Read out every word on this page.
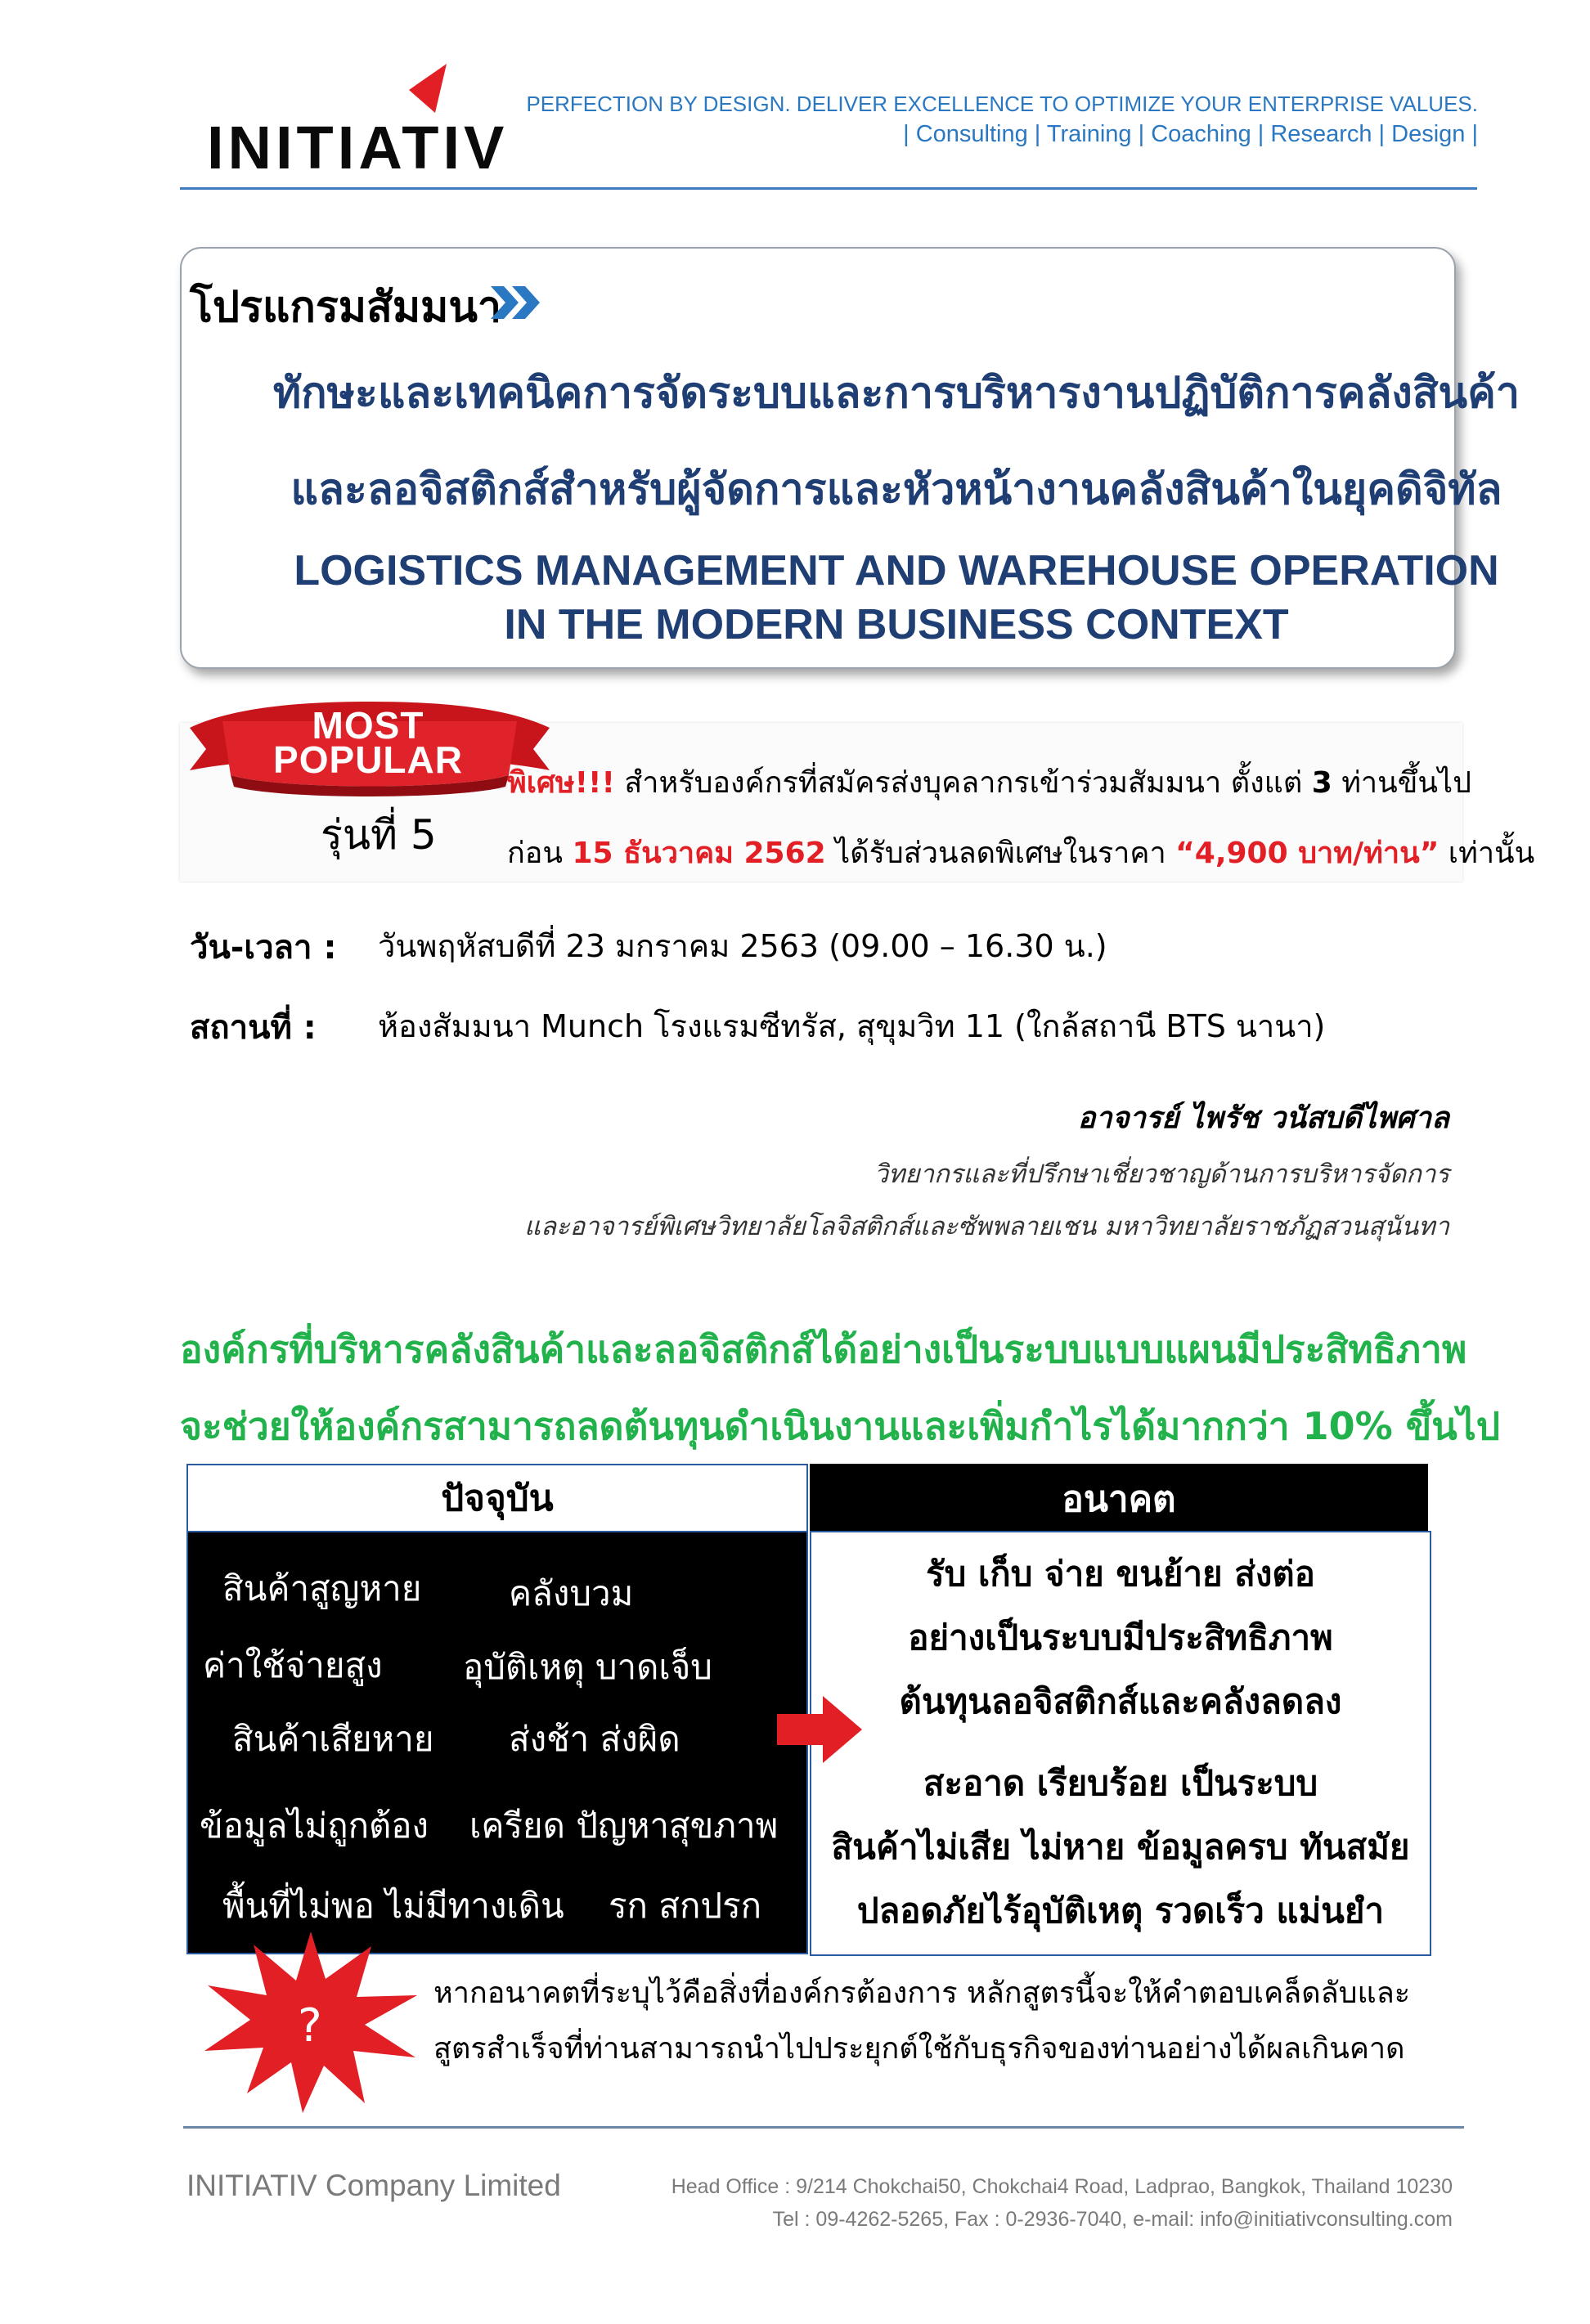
INITIATIV
PERFECTION BY DESIGN. DELIVER EXCELLENCE TO OPTIMIZE YOUR ENTERPRISE VALUES.
| Consulting | Training | Coaching | Research | Design |
โปรแกรมสัมมนา
ทักษะและเทคนิคการจัดระบบและการบริหารงานปฏิบัติการคลังสินค้า
และลอจิสติกส์สำหรับผู้จัดการและหัวหน้างานคลังสินค้าในยุคดิจิทัล
LOGISTICS MANAGEMENT AND WAREHOUSE OPERATION
IN THE MODERN BUSINESS CONTEXT
MOST
POPULAR
รุ่นที่ 5
พิเศษ!!! สำหรับองค์กรที่สมัครส่งบุคลากรเข้าร่วมสัมมนา ตั้งแต่ 3 ท่านขึ้นไป
ก่อน 15 ธันวาคม 2562 ได้รับส่วนลดพิเศษในราคา “4,900 บาท/ท่าน” เท่านั้น
วัน-เวลา : วันพฤหัสบดีที่ 23 มกราคม 2563 (09.00 – 16.30 น.)
สถานที่ : ห้องสัมมนา Munch โรงแรมซีทรัส, สุขุมวิท 11 (ใกล้สถานี BTS นานา)
อาจารย์ ไพรัช วนัสบดีไพศาล
วิทยากรและที่ปรึกษาเชี่ยวชาญด้านการบริหารจัดการ
และอาจารย์พิเศษวิทยาลัยโลจิสติกส์และซัพพลายเชน มหาวิทยาลัยราชภัฏสวนสุนันทา
องค์กรที่บริหารคลังสินค้าและลอจิสติกส์ได้อย่างเป็นระบบแบบแผนมีประสิทธิภาพ
จะช่วยให้องค์กรสามารถลดต้นทุนดำเนินงานและเพิ่มกำไรได้มากกว่า 10% ขึ้นไป
ปัจจุบัน
สินค้าสูญหาย	คลังบวม
ค่าใช้จ่ายสูง อุบัติเหตุ บาดเจ็บ
สินค้าเสียหาย ส่งช้า ส่งผิด
ข้อมูลไม่ถูกต้อง เครียด ปัญหาสุขภาพ
พื้นที่ไม่พอ ไม่มีทางเดิน รก สกปรก
อนาคต
รับ เก็บ จ่าย ขนย้าย ส่งต่อ
อย่างเป็นระบบมีประสิทธิภาพ
ต้นทุนลอจิสติกส์และคลังลดลง
สะอาด เรียบร้อย เป็นระบบ
สินค้าไม่เสีย ไม่หาย ข้อมูลครบ ทันสมัย
ปลอดภัยไร้อุบัติเหตุ รวดเร็ว แม่นยำ
?
หากอนาคตที่ระบุไว้คือสิ่งที่องค์กรต้องการ หลักสูตรนี้จะให้คำตอบเคล็ดลับและ
สูตรสำเร็จที่ท่านสามารถนำไปประยุกต์ใช้กับธุรกิจของท่านอย่างได้ผลเกินคาด
INITIATIV Company Limited	Head Office : 9/214 Chokchai50, Chokchai4 Road, Ladprao, Bangkok, Thailand 10230
Tel : 09-4262-5265, Fax : 0-2936-7040, e-mail: info@initiativconsulting.com
